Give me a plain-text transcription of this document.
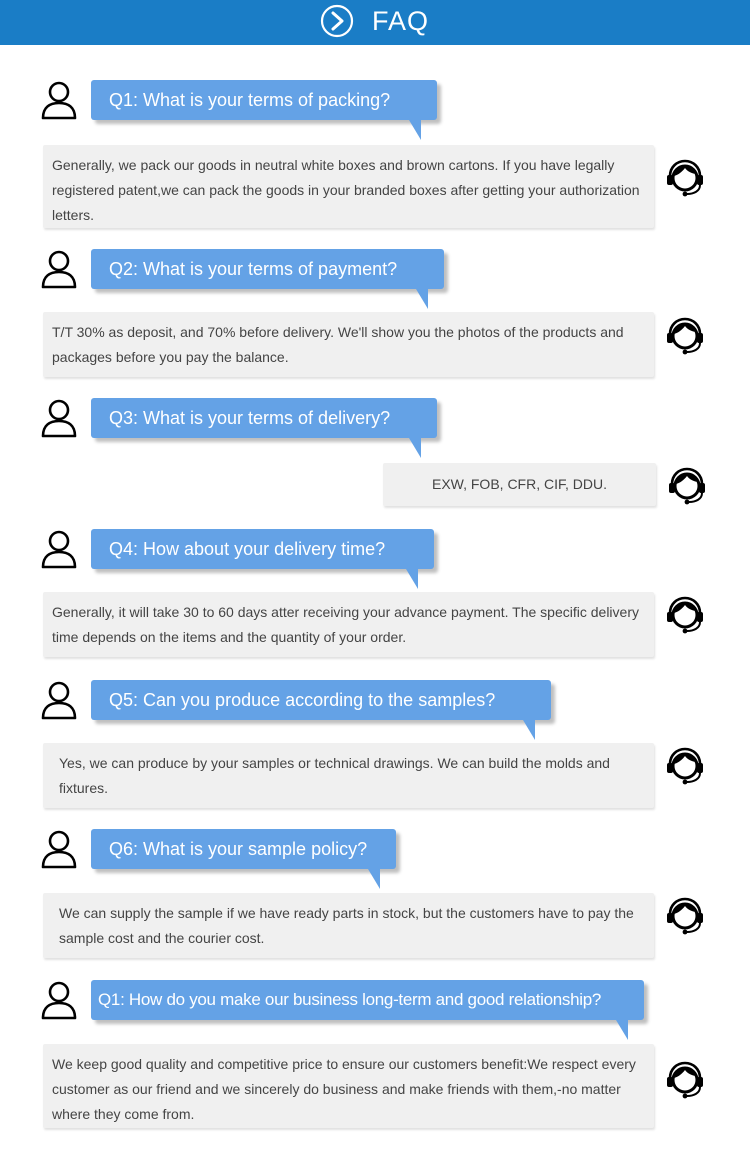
FAQ
Q1: What is your terms of packing?
Generally, we pack our goods in neutral white boxes and brown cartons. If you have legally registered patent,we can pack the goods in your branded boxes after getting your authorization letters.
Q2: What is your terms of payment?
T/T 30% as deposit, and 70% before delivery. We'll show you the photos of the products and packages before you pay the balance.
Q3: What is your terms of delivery?
EXW, FOB, CFR, CIF, DDU.
Q4: How about your delivery time?
Generally, it will take 30 to 60 days atter receiving your advance payment. The specific delivery time depends on the items and the quantity of your order.
Q5: Can you produce according to the samples?
Yes, we can produce by your samples or technical drawings. We can build the molds and fixtures.
Q6: What is your sample policy?
We can supply the sample if we have ready parts in stock, but the customers have to pay the sample cost and the courier cost.
Q1: How do you make our business long-term and good relationship?
We keep good quality and competitive price to ensure our customers benefit:We respect every customer as our friend and we sincerely do business and make friends with them,-no matter where they come from.
